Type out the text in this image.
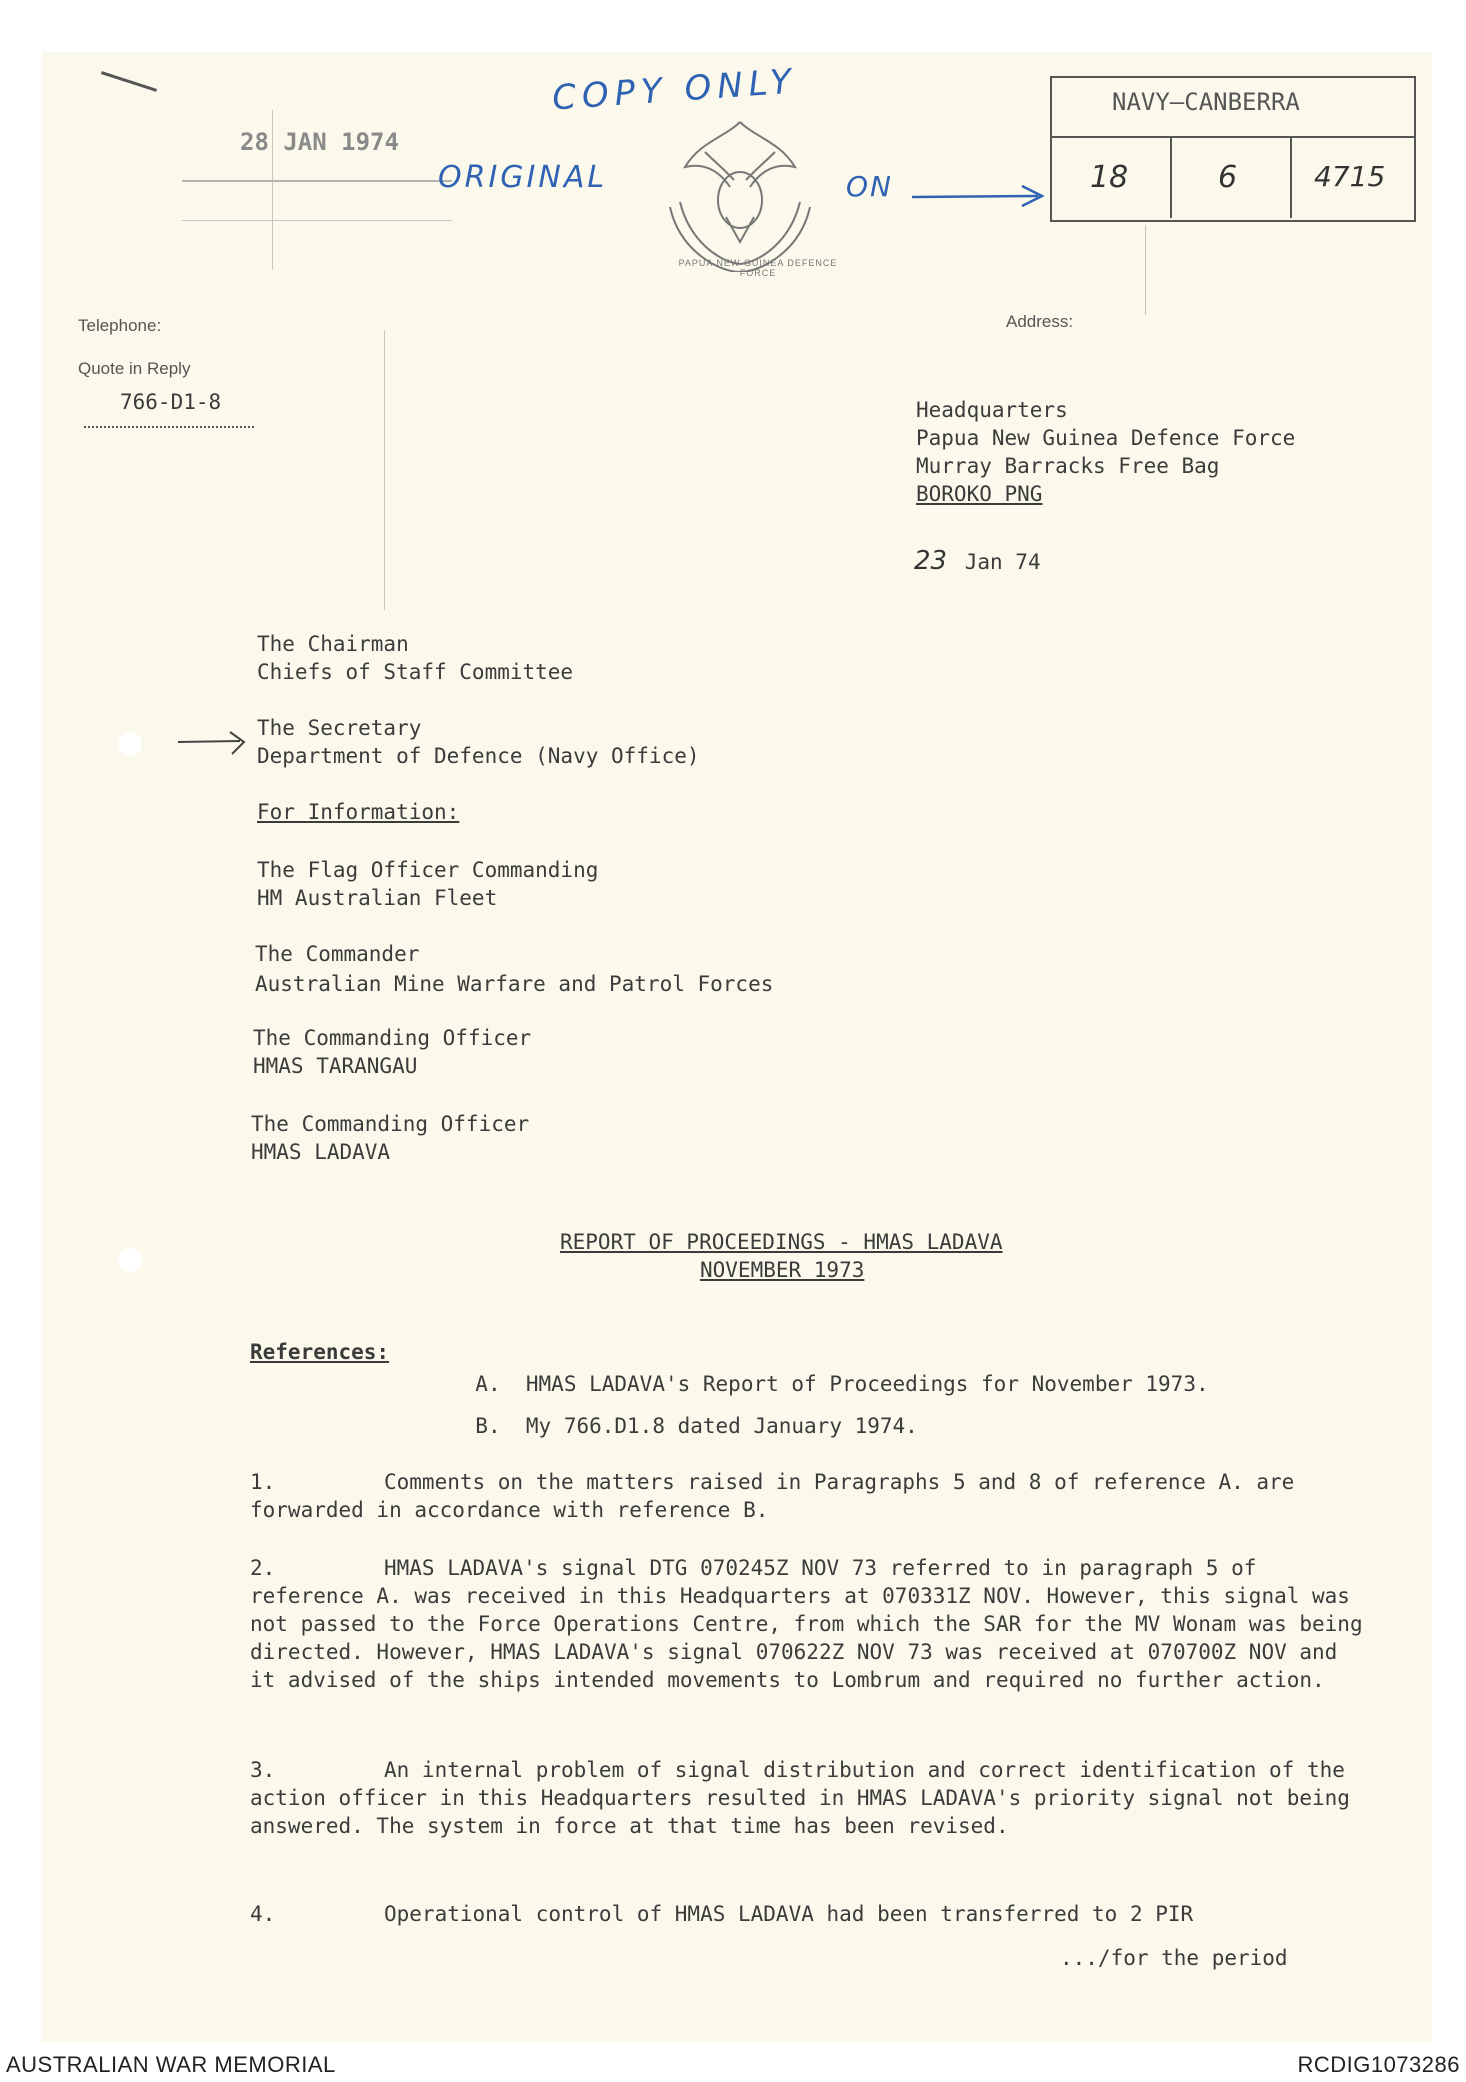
28 JAN 1974
COPY ONLY
ORIGINAL	ON
PAPUA NEW GUINEA DEFENCE FORCE
NAVY—CANBERRA
18	6	4715
Telephone:
Quote in Reply
766-D1-8
Address:
Headquarters
Papua New Guinea Defence Force
Murray Barracks Free Bag
BOROKO PNG
23 Jan 74
The Chairman
Chiefs of Staff Committee
The Secretary
Department of Defence (Navy Office)
For Information:
The Flag Officer Commanding
HM Australian Fleet
The Commander
Australian Mine Warfare and Patrol Forces
The Commanding Officer
HMAS TARANGAU
The Commanding Officer
HMAS LADAVA
REPORT OF PROCEEDINGS - HMAS LADAVA
NOVEMBER 1973
References:

A. HMAS LADAVA's Report of Proceedings for November 1973.

B. My 766.D1.8 dated January 1974.

1.	Comments on the matters raised in Paragraphs 5 and 8 of reference A. are forwarded in accordance with reference B.
2.	HMAS LADAVA's signal DTG 070245Z NOV 73 referred to in paragraph 5 of reference A. was received in this Headquarters at 070331Z NOV. However, this signal was not passed to the Force Operations Centre, from which the SAR for the MV Wonam was being directed. However, HMAS LADAVA's signal 070622Z NOV 73 was received at 070700Z NOV and it advised of the ships intended movements to Lombrum and required no further action.
3.	An internal problem of signal distribution and correct identification of the action officer in this Headquarters resulted in HMAS LADAVA's priority signal not being answered. The system in force at that time has been revised.
4.	Operational control of HMAS LADAVA had been transferred to 2 PIR
.../for the period
AUSTRALIAN WAR MEMORIAL	RCDIG1073286
